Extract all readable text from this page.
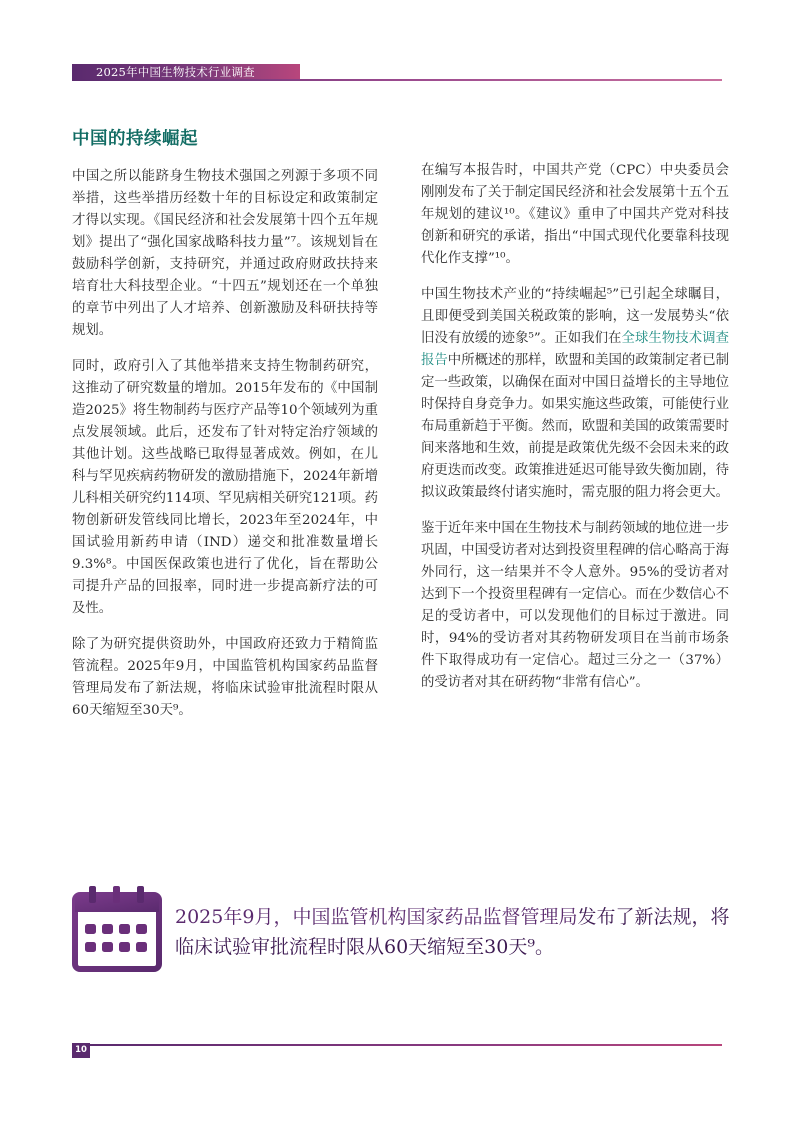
2025年中国生物技术行业调查
中国的持续崛起

中国之所以能跻身生物技术强国之列源于多项不同举措，这些举措历经数十年的目标设定和政策制定才得以实现。《国民经济和社会发展第十四个五年规划》提出了“强化国家战略科技力量”⁷。该规划旨在鼓励科学创新，支持研究，并通过政府财政扶持来培育壮大科技型企业。“十四五”规划还在一个单独的章节中列出了人才培养、创新激励及科研扶持等规划。

同时，政府引入了其他举措来支持生物制药研究，这推动了研究数量的增加。2015年发布的《中国制造2025》将生物制药与医疗产品等10个领域列为重点发展领域。此后，还发布了针对特定治疗领域的其他计划。这些战略已取得显著成效。例如，在儿科与罕见疾病药物研发的激励措施下，2024年新增儿科相关研究约114项、罕见病相关研究121项。药物创新研发管线同比增长，2023年至2024年，中国试验用新药申请（IND）递交和批准数量增长9.3%⁸。中国医保政策也进行了优化，旨在帮助公司提升产品的回报率，同时进一步提高新疗法的可及性。

除了为研究提供资助外，中国政府还致力于精简监管流程。2025年9月，中国监管机构国家药品监督管理局发布了新法规，将临床试验审批流程时限从60天缩短至30天⁹。

在编写本报告时，中国共产党（CPC）中央委员会刚刚发布了关于制定国民经济和社会发展第十五个五年规划的建议¹⁰。《建议》重申了中国共产党对科技创新和研究的承诺，指出“中国式现代化要靠科技现代化作支撑”¹⁰。

中国生物技术产业的“持续崛起⁵”已引起全球瞩目，且即便受到美国关税政策的影响，这一发展势头“依旧没有放缓的迹象⁵”。正如我们在全球生物技术调查报告中所概述的那样，欧盟和美国的政策制定者已制定一些政策，以确保在面对中国日益增长的主导地位时保持自身竞争力。如果实施这些政策，可能使行业布局重新趋于平衡。然而，欧盟和美国的政策需要时间来落地和生效，前提是政策优先级不会因未来的政府更迭而改变。政策推进延迟可能导致失衡加剧，待拟议政策最终付诸实施时，需克服的阻力将会更大。

鉴于近年来中国在生物技术与制药领域的地位进一步巩固，中国受访者对达到投资里程碑的信心略高于海外同行，这一结果并不令人意外。95%的受访者对达到下一个投资里程碑有一定信心。而在少数信心不足的受访者中，可以发现他们的目标过于激进。同时，94%的受访者对其药物研发项目在当前市场条件下取得成功有一定信心。超过三分之一（37%）的受访者对其在研药物“非常有信心”。

2025年9月，中国监管机构国家药品监督管理局发布了新法规，将临床试验审批流程时限从60天缩短至30天⁹。
10
